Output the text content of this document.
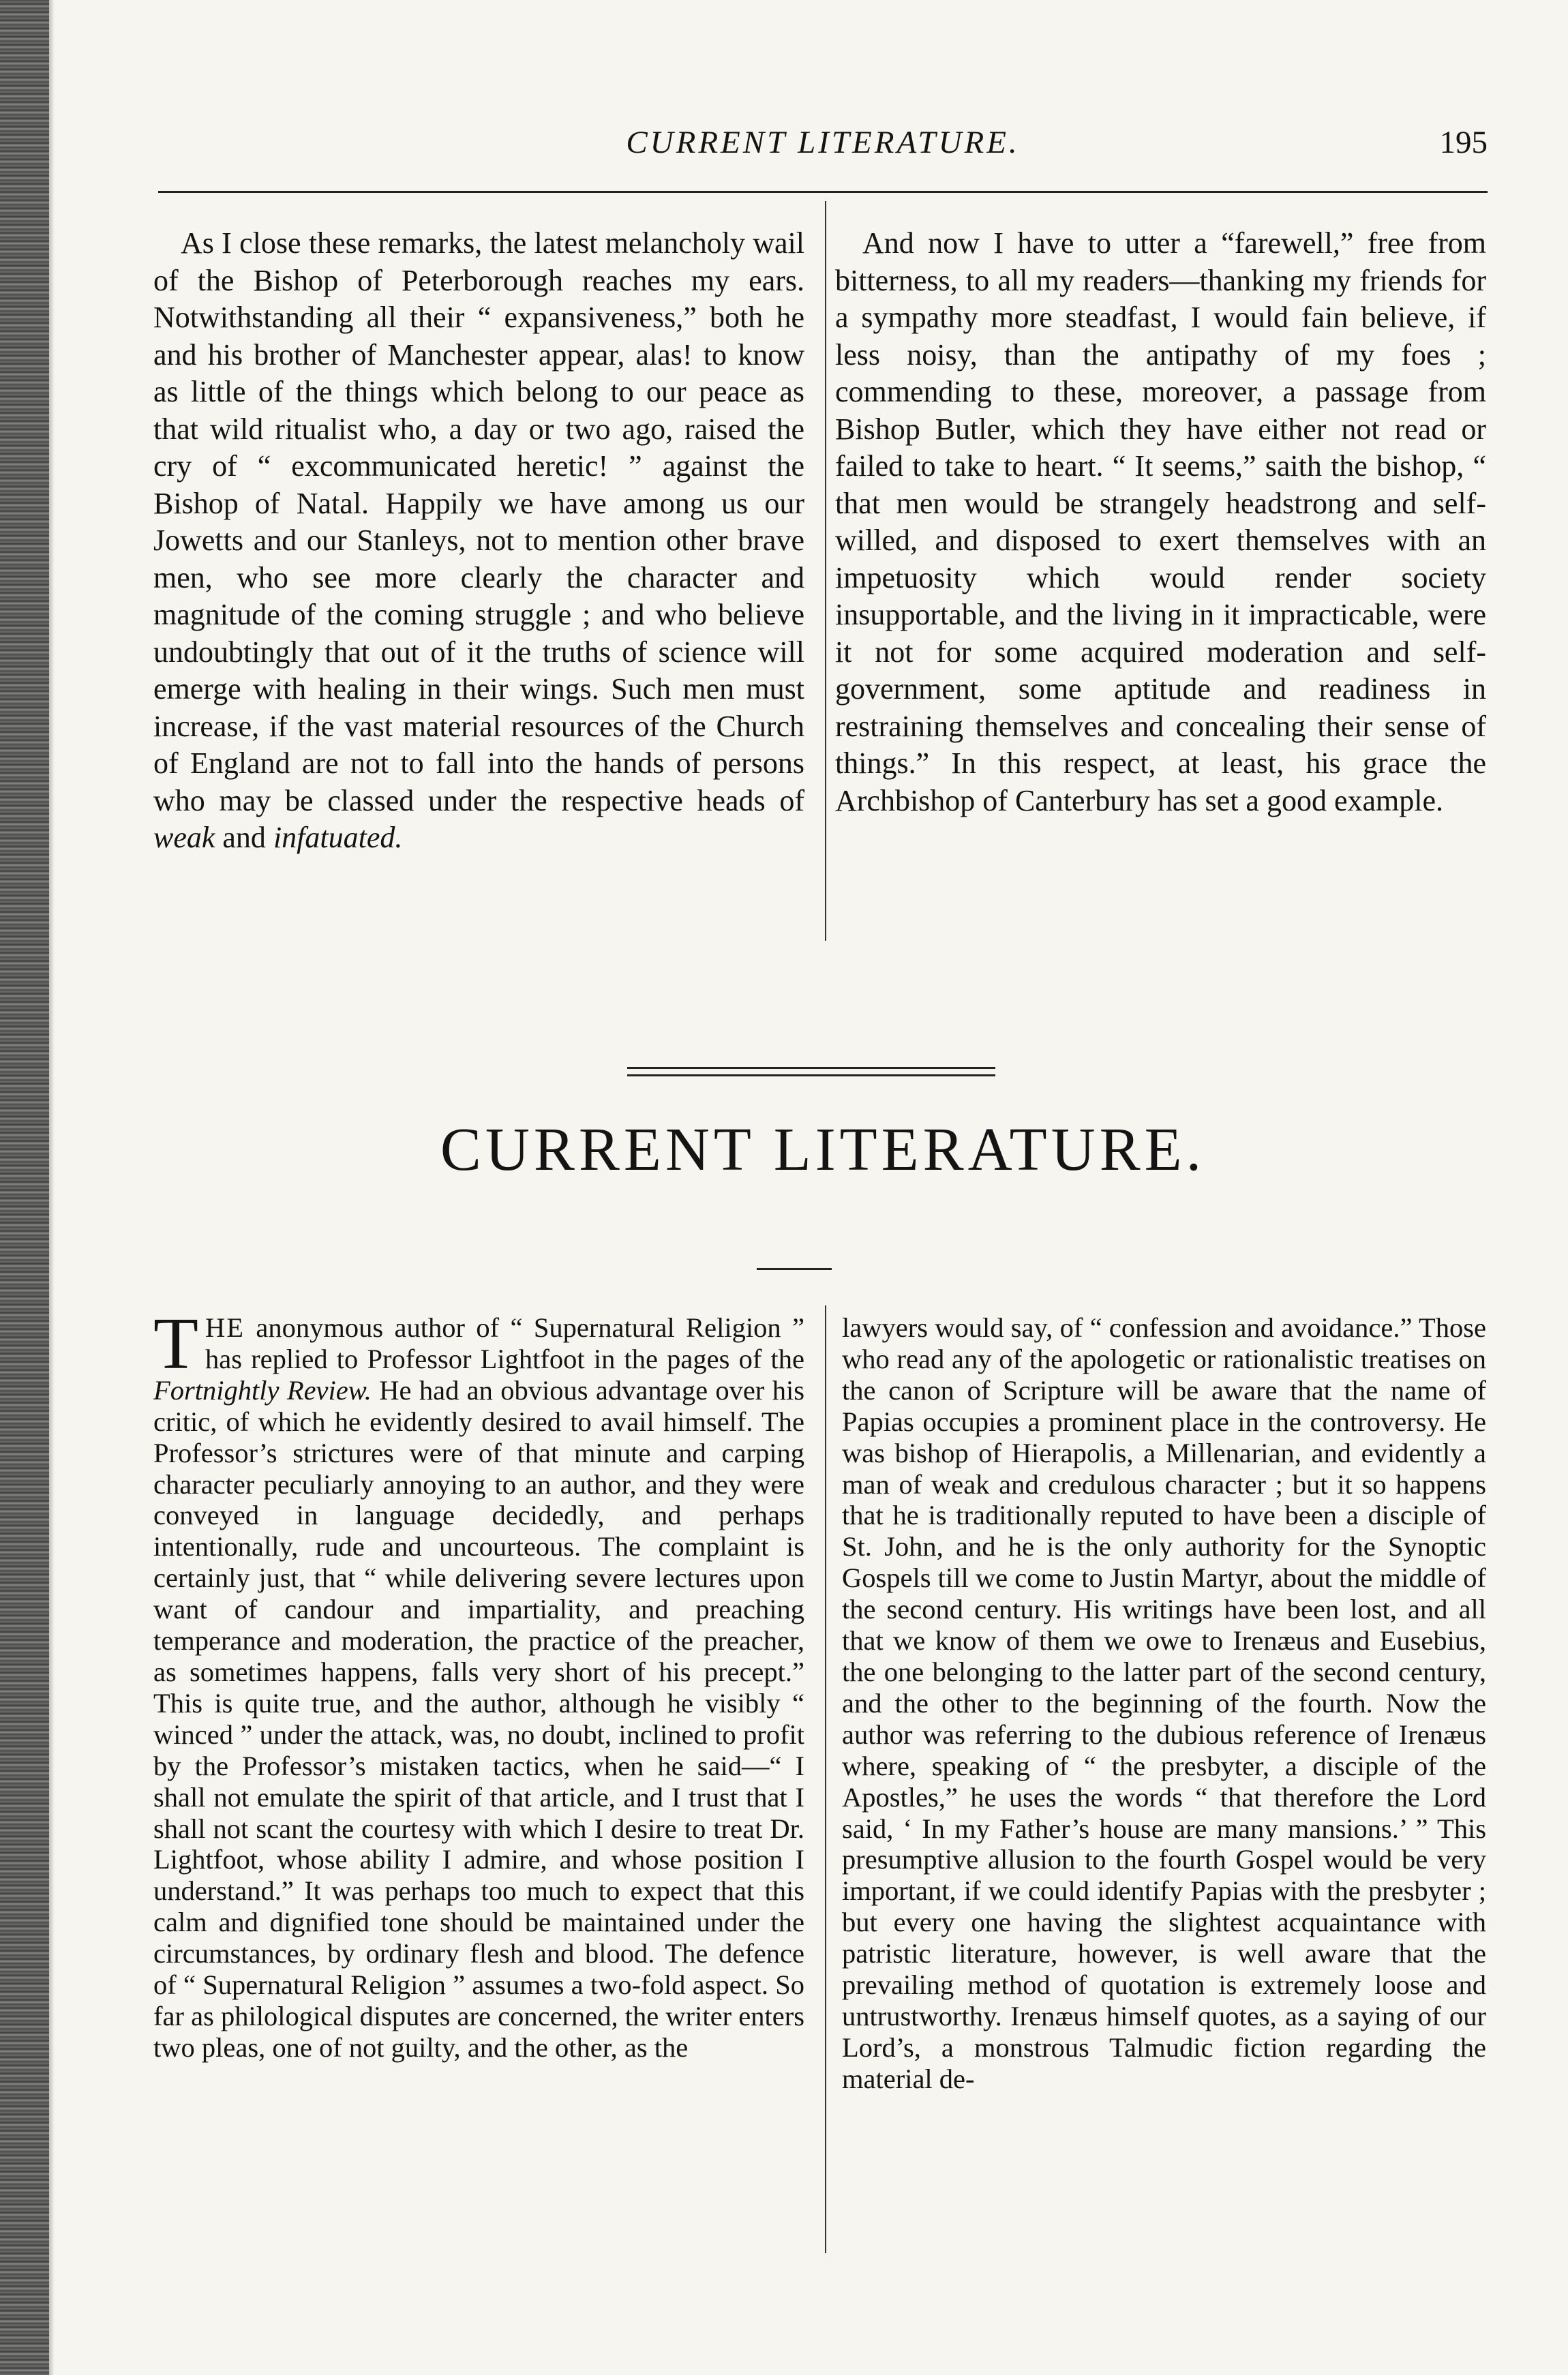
CURRENT LITERATURE.	195

As I close these remarks, the latest melancholy wail of the Bishop of Peterborough reaches my ears. Notwithstanding all their “ expansiveness,” both he and his brother of Manchester appear, alas! to know as little of the things which belong to our peace as that wild ritualist who, a day or two ago, raised the cry of “ excommunicated heretic! ” against the Bishop of Natal. Happily we have among us our Jowetts and our Stanleys, not to mention other brave men, who see more clearly the character and magnitude of the coming struggle ; and who believe undoubtingly that out of it the truths of science will emerge with healing in their wings. Such men must increase, if the vast material resources of the Church of England are not to fall into the hands of persons who may be classed under the respective heads of weak and infatuated.

And now I have to utter a “farewell,” free from bitterness, to all my readers—thanking my friends for a sympathy more steadfast, I would fain believe, if less noisy, than the antipathy of my foes ; commending to these, moreover, a passage from Bishop Butler, which they have either not read or failed to take to heart. “ It seems,” saith the bishop, “ that men would be strangely headstrong and self-willed, and disposed to exert themselves with an impetuosity which would render society insupportable, and the living in it impracticable, were it not for some acquired moderation and self-government, some aptitude and readiness in restraining themselves and concealing their sense of things.” In this respect, at least, his grace the Archbishop of Canterbury has set a good example.

CURRENT LITERATURE.

THE anonymous author of “ Supernatural Religion ” has replied to Professor Lightfoot in the pages of the Fortnightly Review. He had an obvious advantage over his critic, of which he evidently desired to avail himself. The Professor’s strictures were of that minute and carping character peculiarly annoying to an author, and they were conveyed in language decidedly, and perhaps intentionally, rude and uncourteous. The complaint is certainly just, that “ while delivering severe lectures upon want of candour and impartiality, and preaching temperance and moderation, the practice of the preacher, as sometimes happens, falls very short of his precept.” This is quite true, and the author, although he visibly “ winced ” under the attack, was, no doubt, inclined to profit by the Professor’s mistaken tactics, when he said—“ I shall not emulate the spirit of that article, and I trust that I shall not scant the courtesy with which I desire to treat Dr. Lightfoot, whose ability I admire, and whose position I understand.” It was perhaps too much to expect that this calm and dignified tone should be maintained under the circumstances, by ordinary flesh and blood. The defence of “ Supernatural Religion ” assumes a two-fold aspect. So far as philological disputes are concerned, the writer enters two pleas, one of not guilty, and the other, as the

lawyers would say, of “ confession and avoidance.” Those who read any of the apologetic or rationalistic treatises on the canon of Scripture will be aware that the name of Papias occupies a prominent place in the controversy. He was bishop of Hierapolis, a Millenarian, and evidently a man of weak and credulous character ; but it so happens that he is traditionally reputed to have been a disciple of St. John, and he is the only authority for the Synoptic Gospels till we come to Justin Martyr, about the middle of the second century. His writings have been lost, and all that we know of them we owe to Irenæus and Eusebius, the one belonging to the latter part of the second century, and the other to the beginning of the fourth. Now the author was referring to the dubious reference of Irenæus where, speaking of “ the presbyter, a disciple of the Apostles,” he uses the words “ that therefore the Lord said, ‘ In my Father’s house are many mansions.’ ” This presumptive allusion to the fourth Gospel would be very important, if we could identify Papias with the presbyter ; but every one having the slightest acquaintance with patristic literature, however, is well aware that the prevailing method of quotation is extremely loose and untrustworthy. Irenæus himself quotes, as a saying of our Lord’s, a monstrous Talmudic fiction regarding the material de-
